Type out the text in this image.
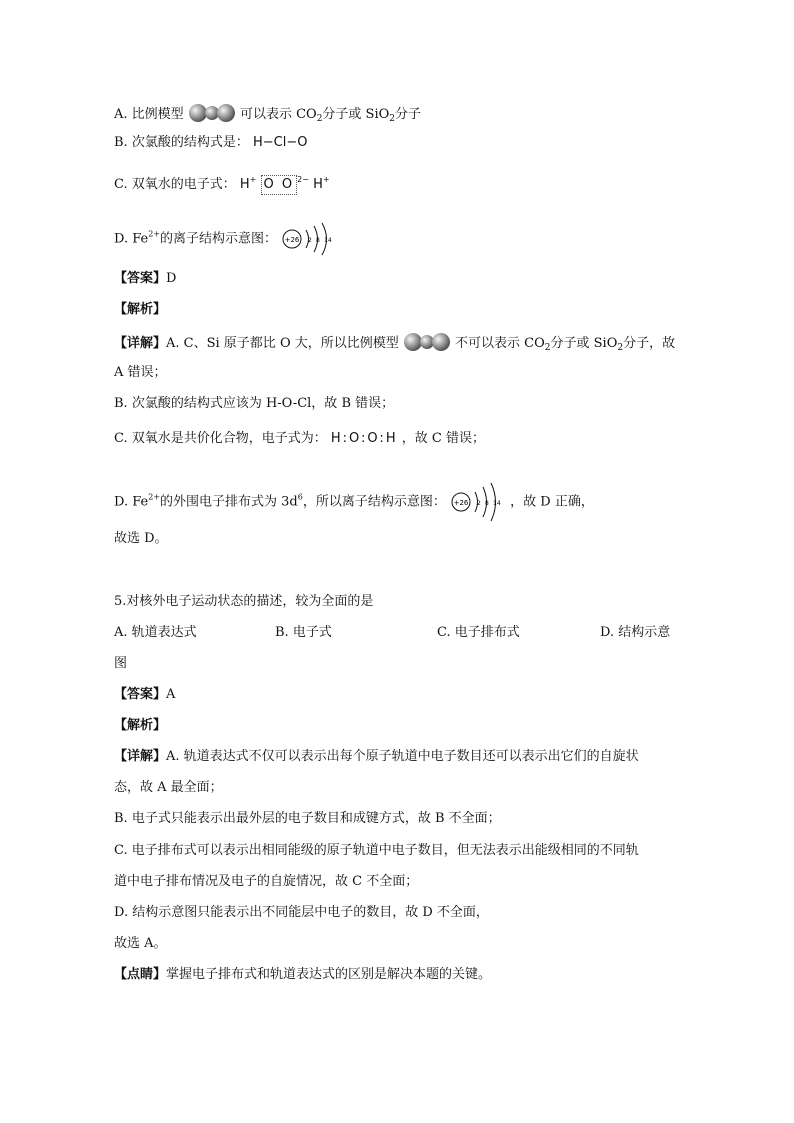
A. 比例模型	可以表示 $CO_2$分子或 SiO$_2$分子
B. 次氯酸的结构式是： H−Cl−O
C. 双氧水的电子式： H+ O O $^{2-}$ H+
D. $Fe^{2+}$的离子结构示意图： +26 2 8 14
【答案】D
【解析】
【详解】A. C、Si 原子都比 O 大，所以比例模型	不可以表示 $CO_2$分子或 SiO$_2$分子，故
A 错误；
B. 次氯酸的结构式应该为 H-O-Cl，故 B 错误；
C. 双氧水是共价化合物，电子式为： H:O:O:H ，故 C 错误；
D. $Fe^{2+}$的外围电子排布式为 $3d^6$，所以离子结构示意图： +26 2 8 14 ，故 D 正确，
故选 D。
5.对核外电子运动状态的描述，较为全面的是
A. 轨道表达式	B. 电子式	C. 电子排布式	D. 结构示意
图
【答案】A
【解析】
【详解】A. 轨道表达式不仅可以表示出每个原子轨道中电子数目还可以表示出它们的自旋状
态，故 A 最全面；
B. 电子式只能表示出最外层的电子数目和成键方式，故 B 不全面；
C. 电子排布式可以表示出相同能级的原子轨道中电子数目，但无法表示出能级相同的不同轨
道中电子排布情况及电子的自旋情况，故 C 不全面；
D. 结构示意图只能表示出不同能层中电子的数目，故 D 不全面，
故选 A。
【点睛】掌握电子排布式和轨道表达式的区别是解决本题的关键。
